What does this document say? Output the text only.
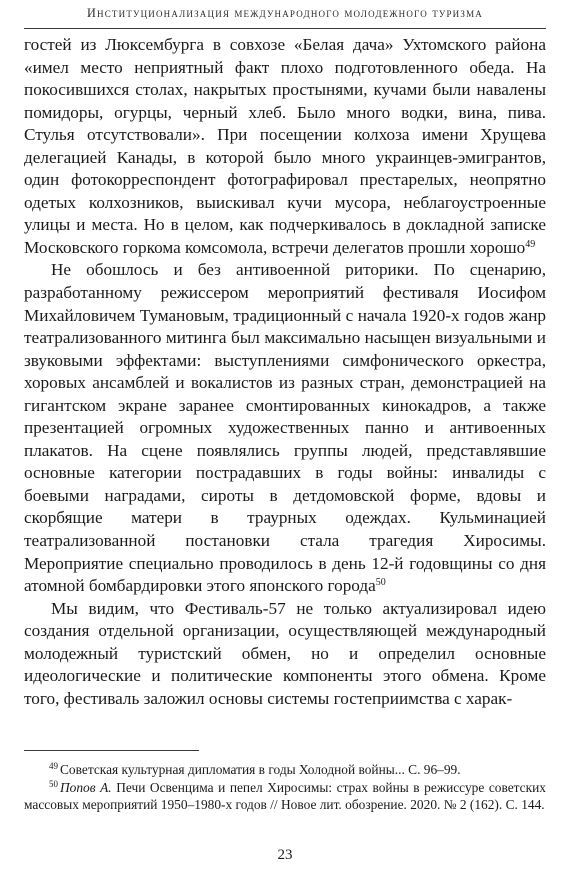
Институционализация международного молодежного туризма

гостей из Люксембурга в совхозе «Белая дача» Ухтомского района «имел место неприятный факт плохо подготовленного обеда. На покосившихся столах, накрытых простынями, кучами были навалены помидоры, огурцы, черный хлеб. Было много водки, вина, пива. Стулья отсутствовали». При посещении колхоза имени Хрущева делегацией Канады, в которой было много украинцев-эмигрантов, один фотокорреспондент фотографировал престарелых, неопрятно одетых колхозников, выискивал кучи мусора, неблагоустроенные улицы и места. Но в целом, как подчеркивалось в докладной записке Московского горкома комсомола, встречи делегатов прошли хорошо$^{49}$

Не обошлось и без антивоенной риторики. По сценарию, разработанному режиссером мероприятий фестиваля Иосифом Михайловичем Тумановым, традиционный с начала 1920-х годов жанр театрализованного митинга был максимально насыщен визуальными и звуковыми эффектами: выступлениями симфонического оркестра, хоровых ансамблей и вокалистов из разных стран, демонстрацией на гигантском экране заранее смонтированных кинокадров, а также презентацией огромных художественных панно и антивоенных плакатов. На сцене появлялись группы людей, представлявшие основные категории пострадавших в годы войны: инвалиды с боевыми наградами, сироты в детдомовской форме, вдовы и скорбящие матери в траурных одеждах. Кульминацией театрализованной постановки стала трагедия Хиросимы. Мероприятие специально проводилось в день 12-й годовщины со дня атомной бомбардировки этого японского города$^{50}$

Мы видим, что Фестиваль-57 не только актуализировал идею создания отдельной организации, осуществляющей международный молодежный туристский обмен, но и определил основные идеологические и политические компоненты этого обмена. Кроме того, фестиваль заложил основы системы гостеприимства с харак-

$^{49}$ Советская культурная дипломатия в годы Холодной войны... С. 96–99.

$^{50}$ Попов А. Печи Освенцима и пепел Хиросимы: страх войны в режиссуре советских массовых мероприятий 1950–1980-х годов // Новое лит. обозрение. 2020. № 2 (162). С. 144.

23
